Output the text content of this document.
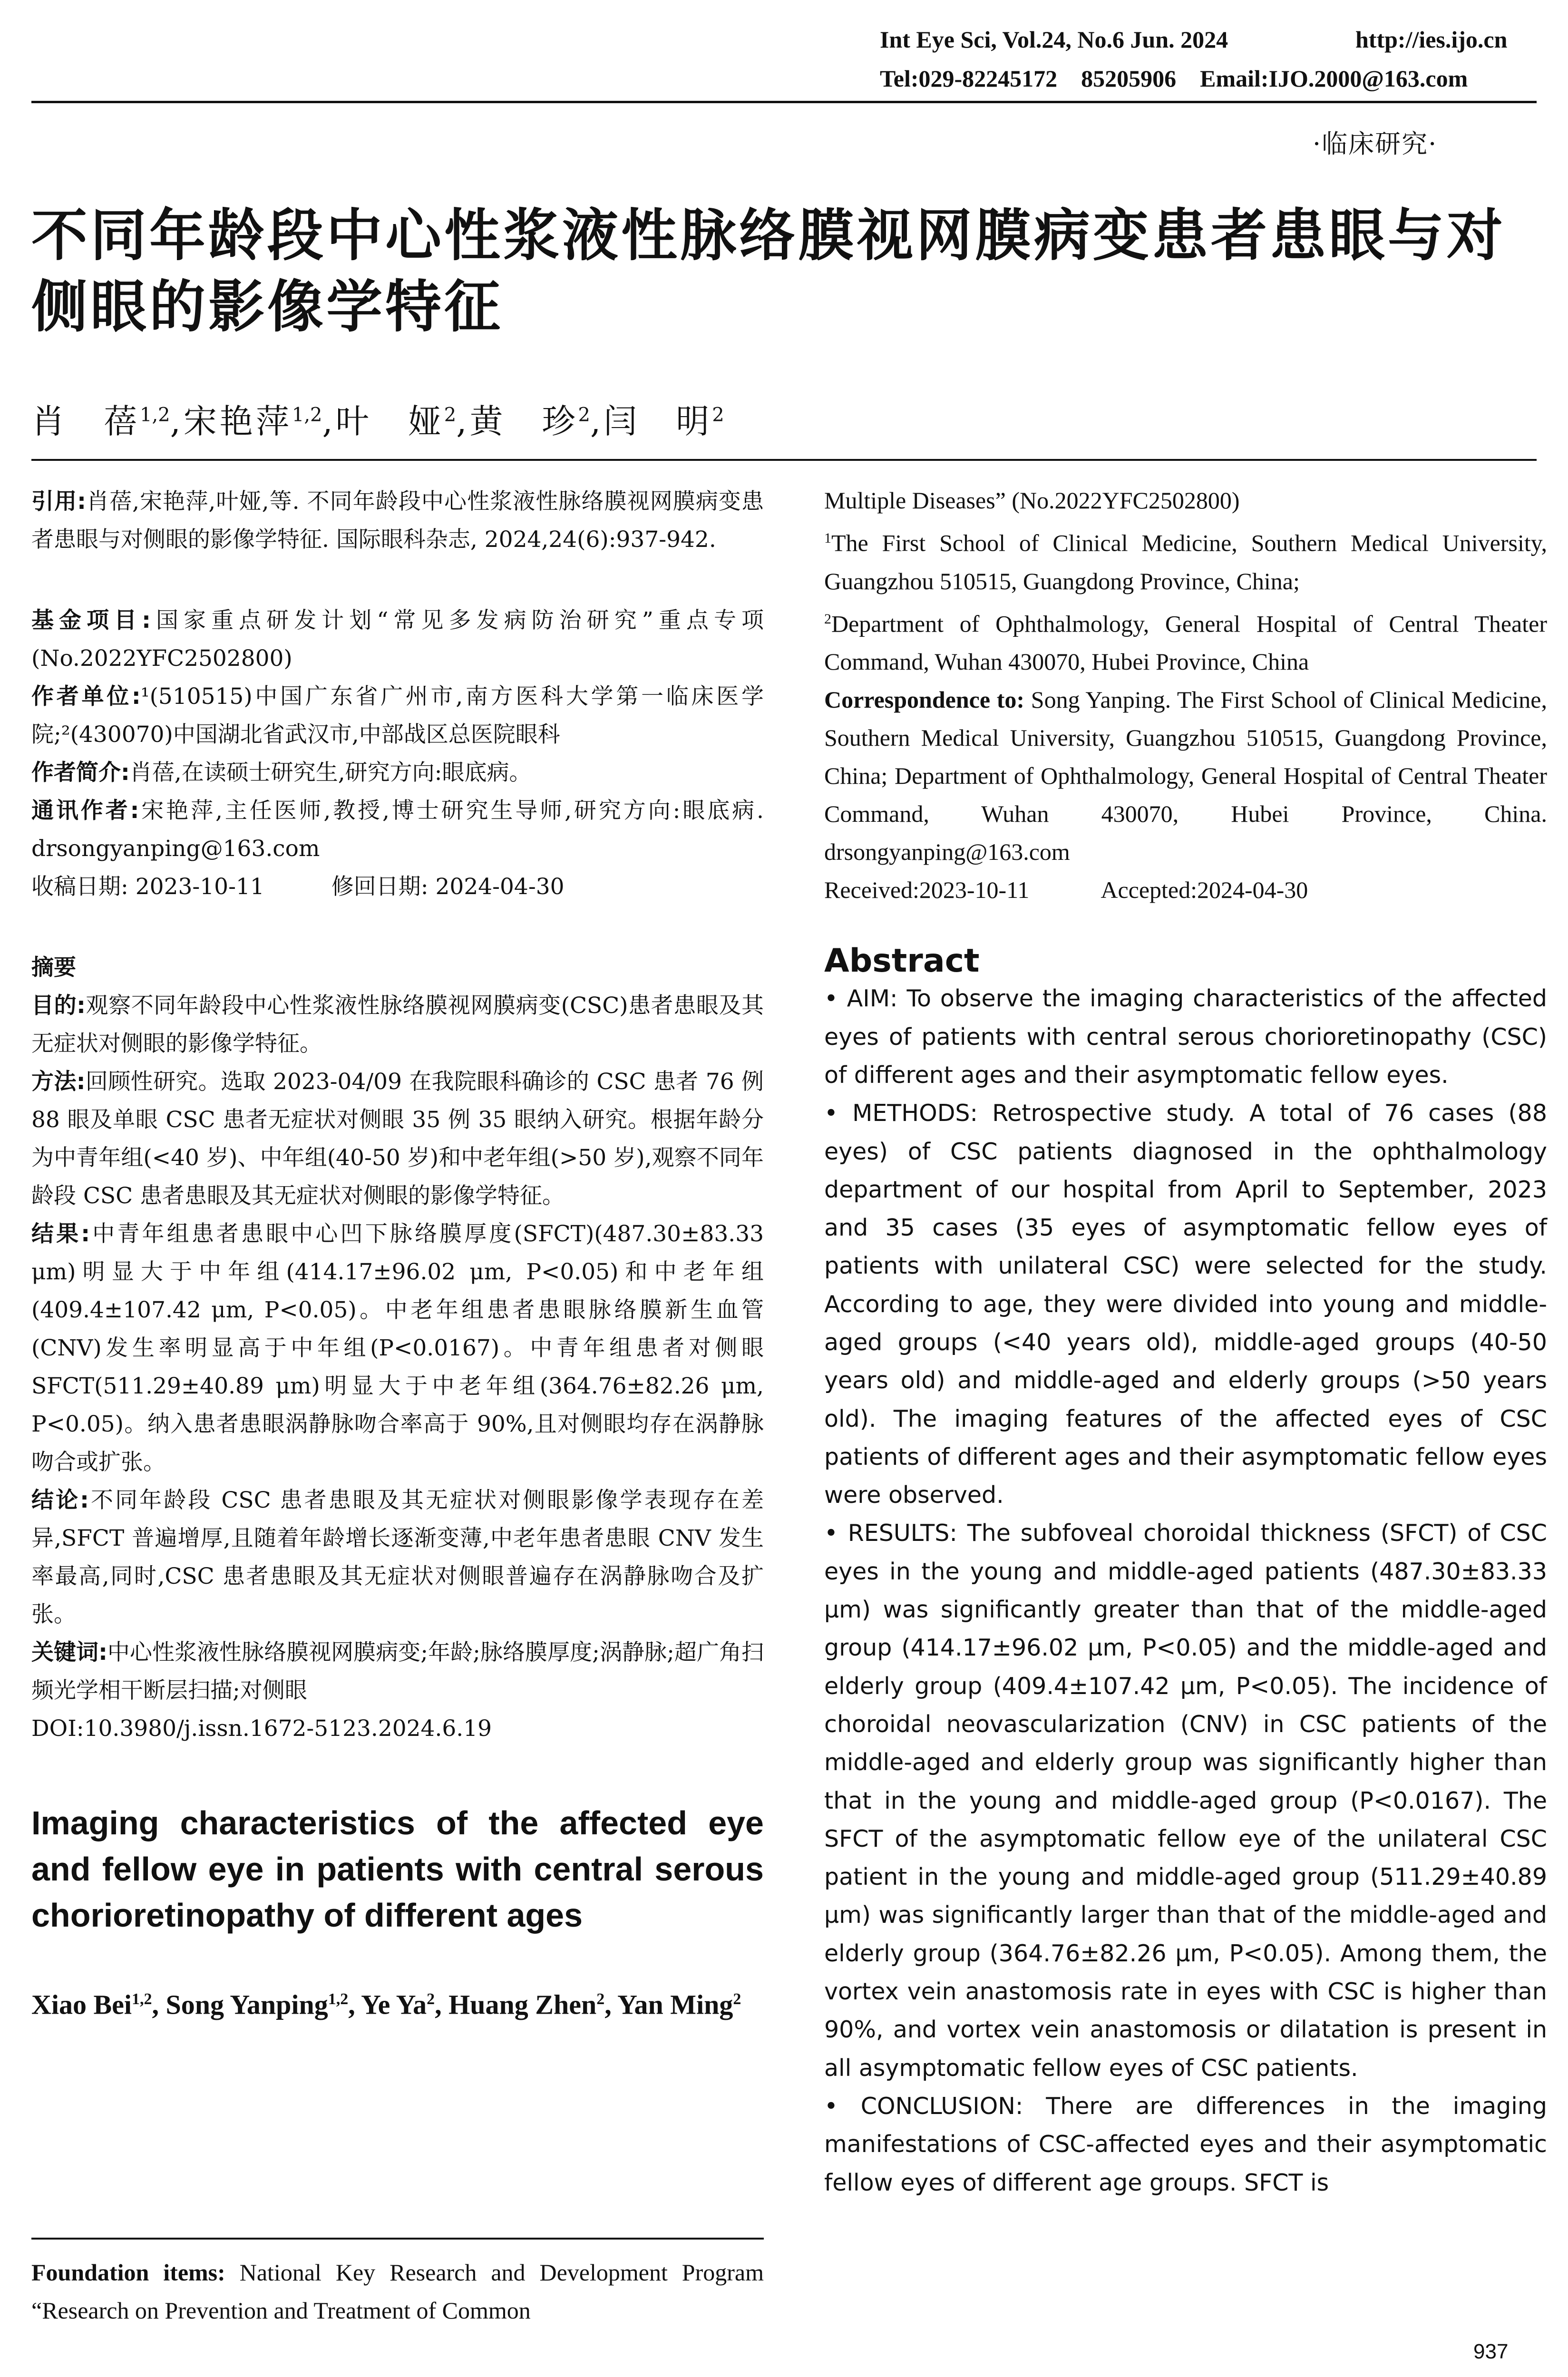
Int Eye Sci, Vol.24, No.6 Jun. 2024	http://ies.ijo.cn
Tel:029-82245172    85205906    Email:IJO.2000@163.com
·临床研究·
不同年龄段中心性浆液性脉络膜视网膜病变患者患眼与对侧眼的影像学特征
肖　蓓$^{1,2}$,宋艳萍$^{1,2}$,叶　娅$^2$,黄　珍$^2$,闫　明$^2$

引用:肖蓓,宋艳萍,叶娅,等. 不同年龄段中心性浆液性脉络膜视网膜病变患者患眼与对侧眼的影像学特征. 国际眼科杂志, 2024,24(6):937-942.

基金项目:国家重点研发计划“常见多发病防治研究”重点专项(No.2022YFC2502800)

作者单位:¹(510515)中国广东省广州市,南方医科大学第一临床医学院;²(430070)中国湖北省武汉市,中部战区总医院眼科

作者简介:肖蓓,在读硕士研究生,研究方向:眼底病。

通讯作者:宋艳萍,主任医师,教授,博士研究生导师,研究方向:眼底病. drsongyanping@163.com

收稿日期: 2023-10-11　　　修回日期: 2024-04-30

摘要

目的:观察不同年龄段中心性浆液性脉络膜视网膜病变(CSC)患者患眼及其无症状对侧眼的影像学特征。

方法:回顾性研究。选取 2023-04/09 在我院眼科确诊的 CSC 患者 76 例 88 眼及单眼 CSC 患者无症状对侧眼 35 例 35 眼纳入研究。根据年龄分为中青年组(<40 岁)、中年组(40-50 岁)和中老年组(>50 岁),观察不同年龄段 CSC 患者患眼及其无症状对侧眼的影像学特征。

结果:中青年组患者患眼中心凹下脉络膜厚度(SFCT)(487.30±83.33 μm)明显大于中年组(414.17±96.02 μm, P<0.05)和中老年组(409.4±107.42 μm, P<0.05)。中老年组患者患眼脉络膜新生血管(CNV)发生率明显高于中年组(P<0.0167)。中青年组患者对侧眼 SFCT(511.29±40.89 μm)明显大于中老年组(364.76±82.26 μm, P<0.05)。纳入患者患眼涡静脉吻合率高于 90%,且对侧眼均存在涡静脉吻合或扩张。

结论:不同年龄段 CSC 患者患眼及其无症状对侧眼影像学表现存在差异,SFCT 普遍增厚,且随着年龄增长逐渐变薄,中老年患者患眼 CNV 发生率最高,同时,CSC 患者患眼及其无症状对侧眼普遍存在涡静脉吻合及扩张。

关键词:中心性浆液性脉络膜视网膜病变;年龄;脉络膜厚度;涡静脉;超广角扫频光学相干断层扫描;对侧眼

DOI:10.3980/j.issn.1672-5123.2024.6.19

Imaging characteristics of the affected eye and fellow eye in patients with central serous chorioretinopathy of different ages

Xiao Bei$^{1,2}$, Song Yanping$^{1,2}$, Ye Ya$^2$, Huang Zhen$^2$, Yan Ming$^2$

Foundation items: National Key Research and Development Program “Research on Prevention and Treatment of Common

Multiple Diseases” (No.2022YFC2502800)

$^1$The First School of Clinical Medicine, Southern Medical University, Guangzhou 510515, Guangdong Province, China;

$^2$Department of Ophthalmology, General Hospital of Central Theater Command, Wuhan 430070, Hubei Province, China

Correspondence to: Song Yanping. The First School of Clinical Medicine, Southern Medical University, Guangzhou 510515, Guangdong Province, China; Department of Ophthalmology, General Hospital of Central Theater Command, Wuhan 430070, Hubei Province, China. drsongyanping@163.com

Received:2023-10-11　　　Accepted:2024-04-30

Abstract

• AIM: To observe the imaging characteristics of the affected eyes of patients with central serous chorioretinopathy (CSC) of different ages and their asymptomatic fellow eyes.

• METHODS: Retrospective study. A total of 76 cases (88 eyes) of CSC patients diagnosed in the ophthalmology department of our hospital from April to September, 2023 and 35 cases (35 eyes of asymptomatic fellow eyes of patients with unilateral CSC) were selected for the study. According to age, they were divided into young and middle-aged groups (<40 years old), middle-aged groups (40-50 years old) and middle-aged and elderly groups (>50 years old). The imaging features of the affected eyes of CSC patients of different ages and their asymptomatic fellow eyes were observed.

• RESULTS: The subfoveal choroidal thickness (SFCT) of CSC eyes in the young and middle-aged patients (487.30±83.33 μm) was significantly greater than that of the middle-aged group (414.17±96.02 μm, P<0.05) and the middle-aged and elderly group (409.4±107.42 μm, P<0.05). The incidence of choroidal neovascularization (CNV) in CSC patients of the middle-aged and elderly group was significantly higher than that in the young and middle-aged group (P<0.0167). The SFCT of the asymptomatic fellow eye of the unilateral CSC patient in the young and middle-aged group (511.29±40.89 μm) was significantly larger than that of the middle-aged and elderly group (364.76±82.26 μm, P<0.05). Among them, the vortex vein anastomosis rate in eyes with CSC is higher than 90%, and vortex vein anastomosis or dilatation is present in all asymptomatic fellow eyes of CSC patients.

• CONCLUSION: There are differences in the imaging manifestations of CSC-affected eyes and their asymptomatic fellow eyes of different age groups. SFCT is

937
